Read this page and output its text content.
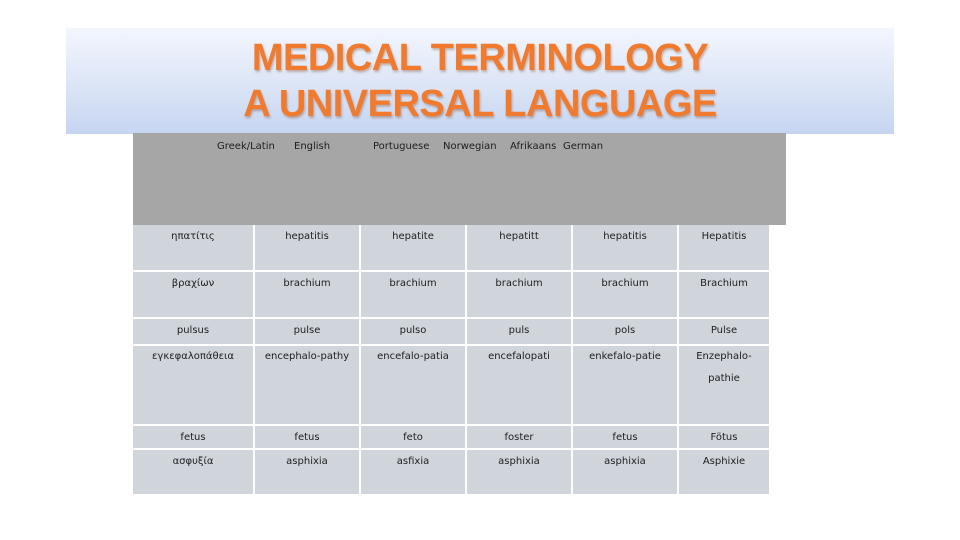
MEDICAL TERMINOLOGY
A UNIVERSAL LANGUAGE
Greek/Latin English	Portuguese Norwegian Afrikaans German
ηπατίτις	hepatitis	hepatite	hepatitt	hepatitis	Hepatitis
βραχίων	brachium	brachium	brachium	brachium	Brachium
pulsus	pulse	pulso	puls	pols	Pulse
εγκεφαλοπάθεια	encephalo-pathy	encefalo-patia	encefalopati	enkefalo-patie	Enzephalo-pathie
fetus	fetus	feto	foster	fetus	Fötus
ασφυξία	asphixia	asfixia	asphixia	asphixia	Asphixie
